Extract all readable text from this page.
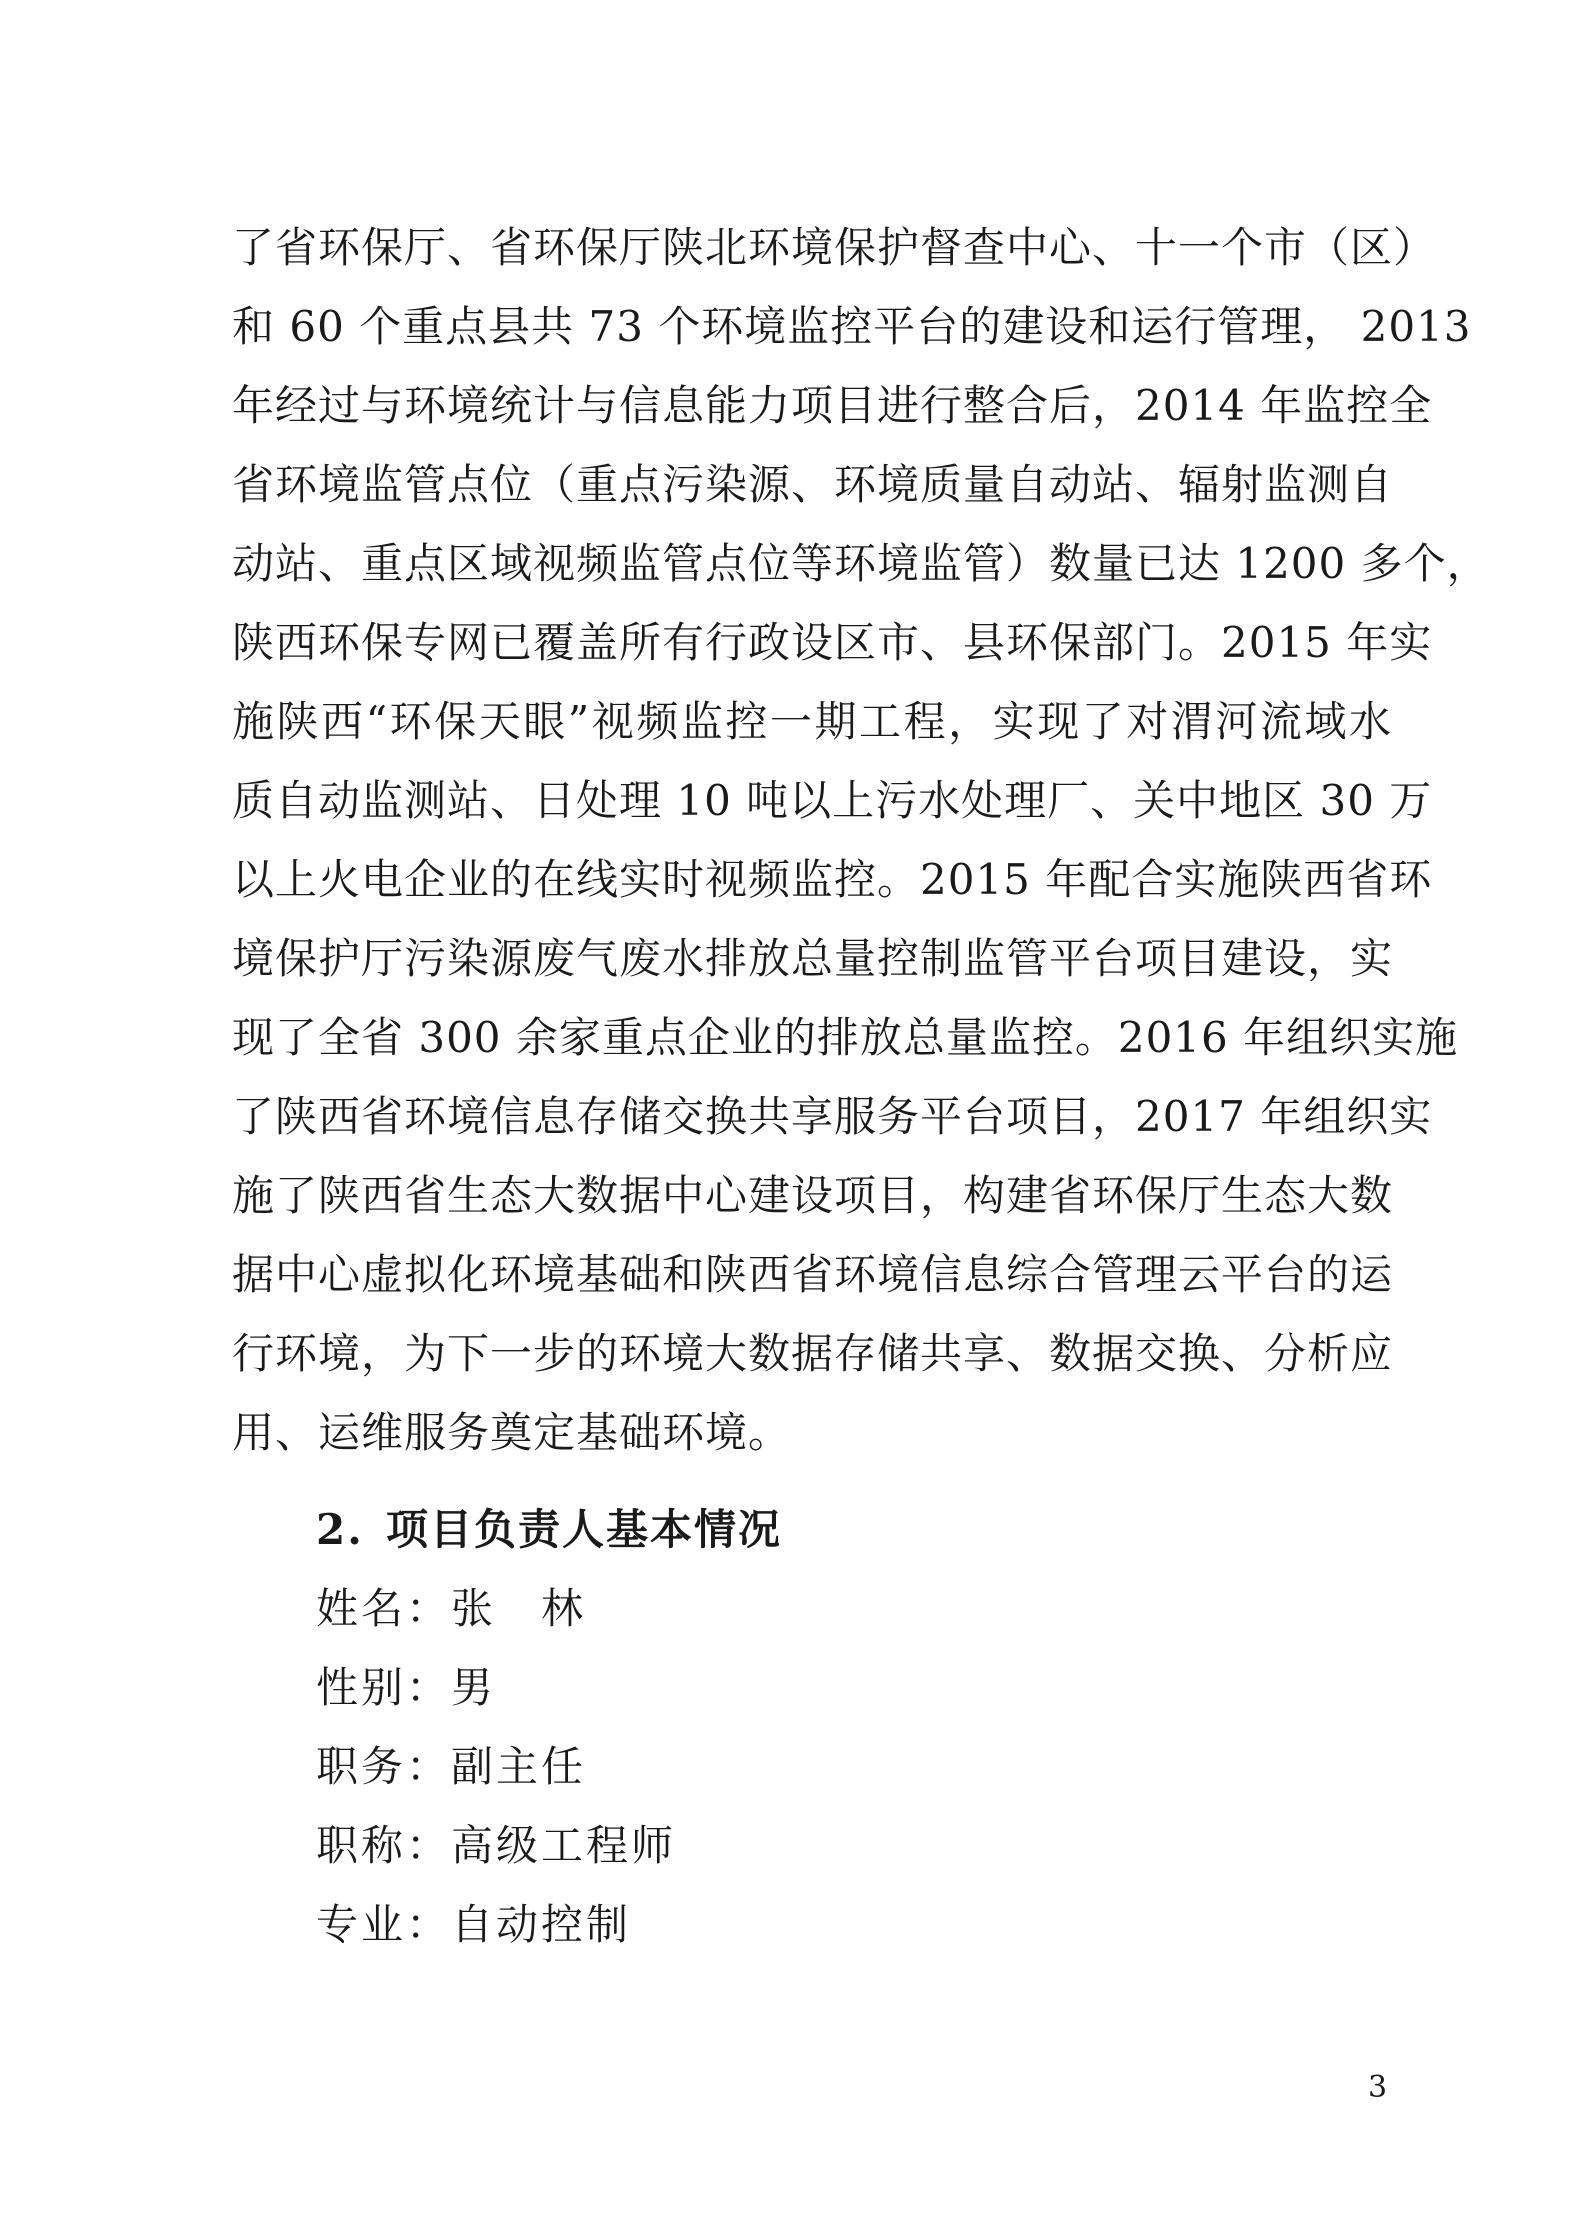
了省环保厅、省环保厅陕北环境保护督查中心、十一个市（区）
和 60 个重点县共 73 个环境监控平台的建设和运行管理， 2013
年经过与环境统计与信息能力项目进行整合后，2014 年监控全
省环境监管点位（重点污染源、环境质量自动站、辐射监测自
动站、重点区域视频监管点位等环境监管）数量已达 1200 多个，
陕西环保专网已覆盖所有行政设区市、县环保部门。2015 年实
施陕西“环保天眼”视频监控一期工程，实现了对渭河流域水
质自动监测站、日处理 10 吨以上污水处理厂、关中地区 30 万
以上火电企业的在线实时视频监控。2015 年配合实施陕西省环
境保护厅污染源废气废水排放总量控制监管平台项目建设，实
现了全省 300 余家重点企业的排放总量监控。2016 年组织实施
了陕西省环境信息存储交换共享服务平台项目，2017 年组织实
施了陕西省生态大数据中心建设项目，构建省环保厅生态大数
据中心虚拟化环境基础和陕西省环境信息综合管理云平台的运
行环境，为下一步的环境大数据存储共享、数据交换、分析应
用、运维服务奠定基础环境。
2. 项目负责人基本情况
姓名：张　林
性别：男
职务：副主任
职称：高级工程师
专业：自动控制
3
